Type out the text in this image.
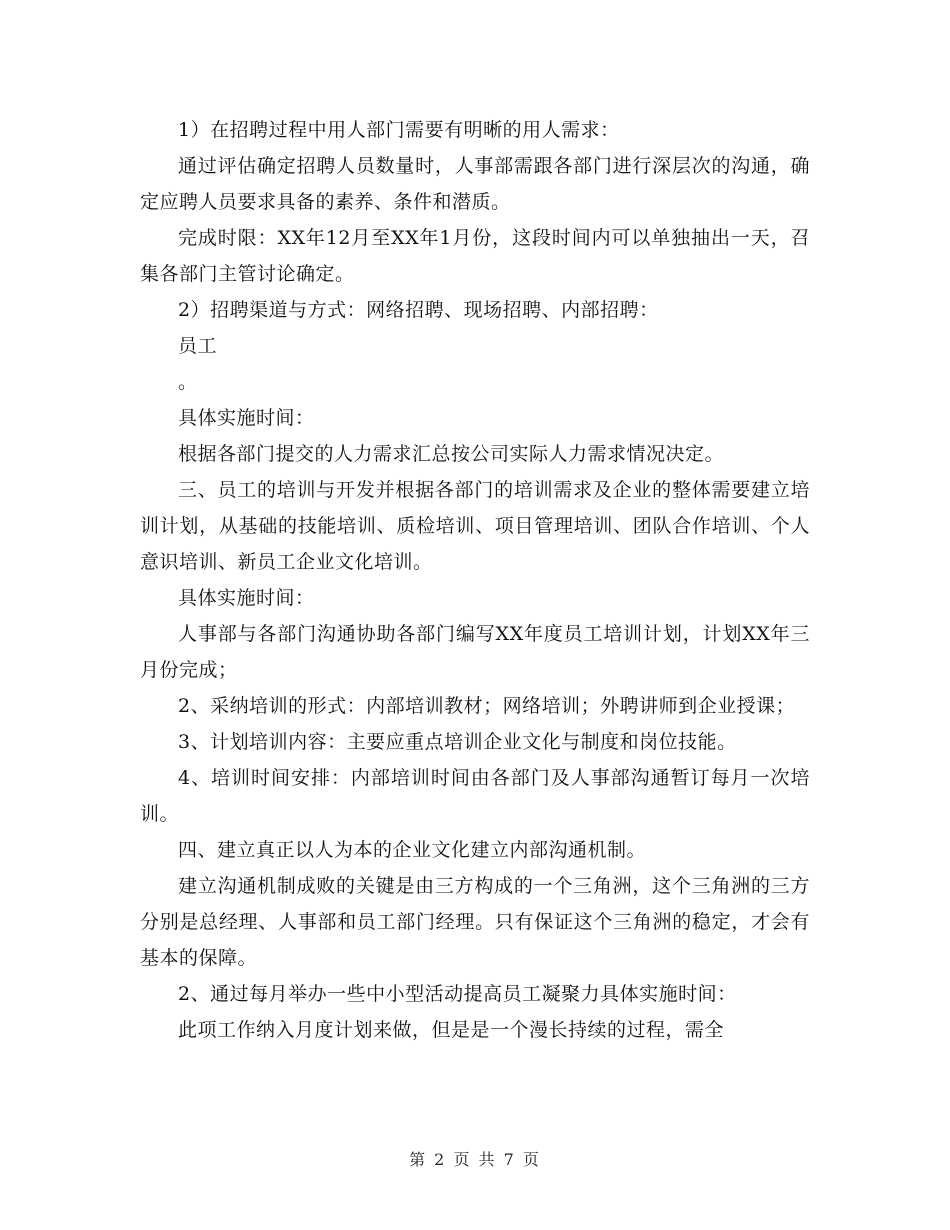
1）在招聘过程中用人部门需要有明晰的用人需求：

通过评估确定招聘人员数量时，人事部需跟各部门进行深层次的沟通，确定应聘人员要求具备的素养、条件和潜质。

完成时限：XX年12月至XX年1月份，这段时间内可以单独抽出一天，召集各部门主管讨论确定。

2）招聘渠道与方式：网络招聘、现场招聘、内部招聘：

员工

。

具体实施时间：

根据各部门提交的人力需求汇总按公司实际人力需求情况决定。

三、员工的培训与开发并根据各部门的培训需求及企业的整体需要建立培训计划，从基础的技能培训、质检培训、项目管理培训、团队合作培训、个人意识培训、新员工企业文化培训。

具体实施时间：

人事部与各部门沟通协助各部门编写XX年度员工培训计划，计划XX年三月份完成；

2、采纳培训的形式：内部培训教材；网络培训；外聘讲师到企业授课；

3、计划培训内容：主要应重点培训企业文化与制度和岗位技能。

4、培训时间安排：内部培训时间由各部门及人事部沟通暂订每月一次培训。

四、建立真正以人为本的企业文化建立内部沟通机制。

建立沟通机制成败的关键是由三方构成的一个三角洲，这个三角洲的三方分别是总经理、人事部和员工部门经理。只有保证这个三角洲的稳定，才会有基本的保障。

2、通过每月举办一些中小型活动提高员工凝聚力具体实施时间：

此项工作纳入月度计划来做，但是是一个漫长持续的过程，需全

第 2 页 共 7 页
